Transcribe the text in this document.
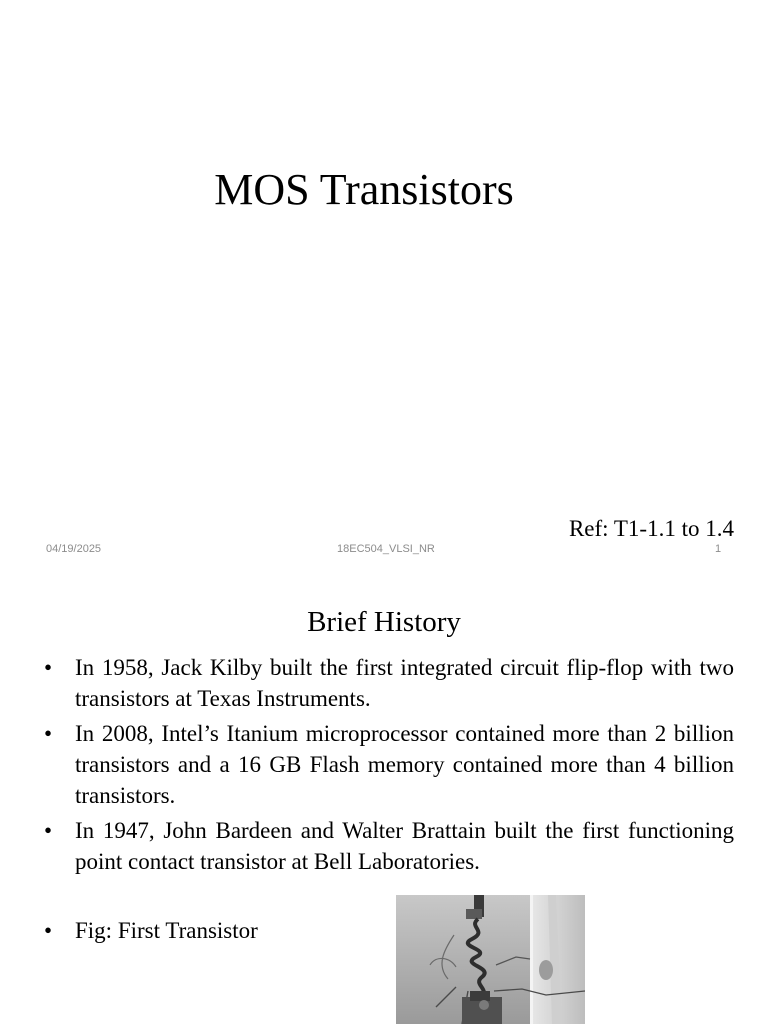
MOS Transistors
Ref: T1-1.1 to 1.4
04/19/2025	18EC504_VLSI_NR	1
Brief History
• In 1958, Jack Kilby built the first integrated circuit flip-flop with two transistors at Texas Instruments.
• In 2008, Intel’s Itanium microprocessor contained more than 2 billion transistors and a 16 GB Flash memory contained more than 4 billion transistors.
• In 1947, John Bardeen and Walter Brattain built the first functioning point contact transistor at Bell Laboratories.
• Fig: First Transistor
